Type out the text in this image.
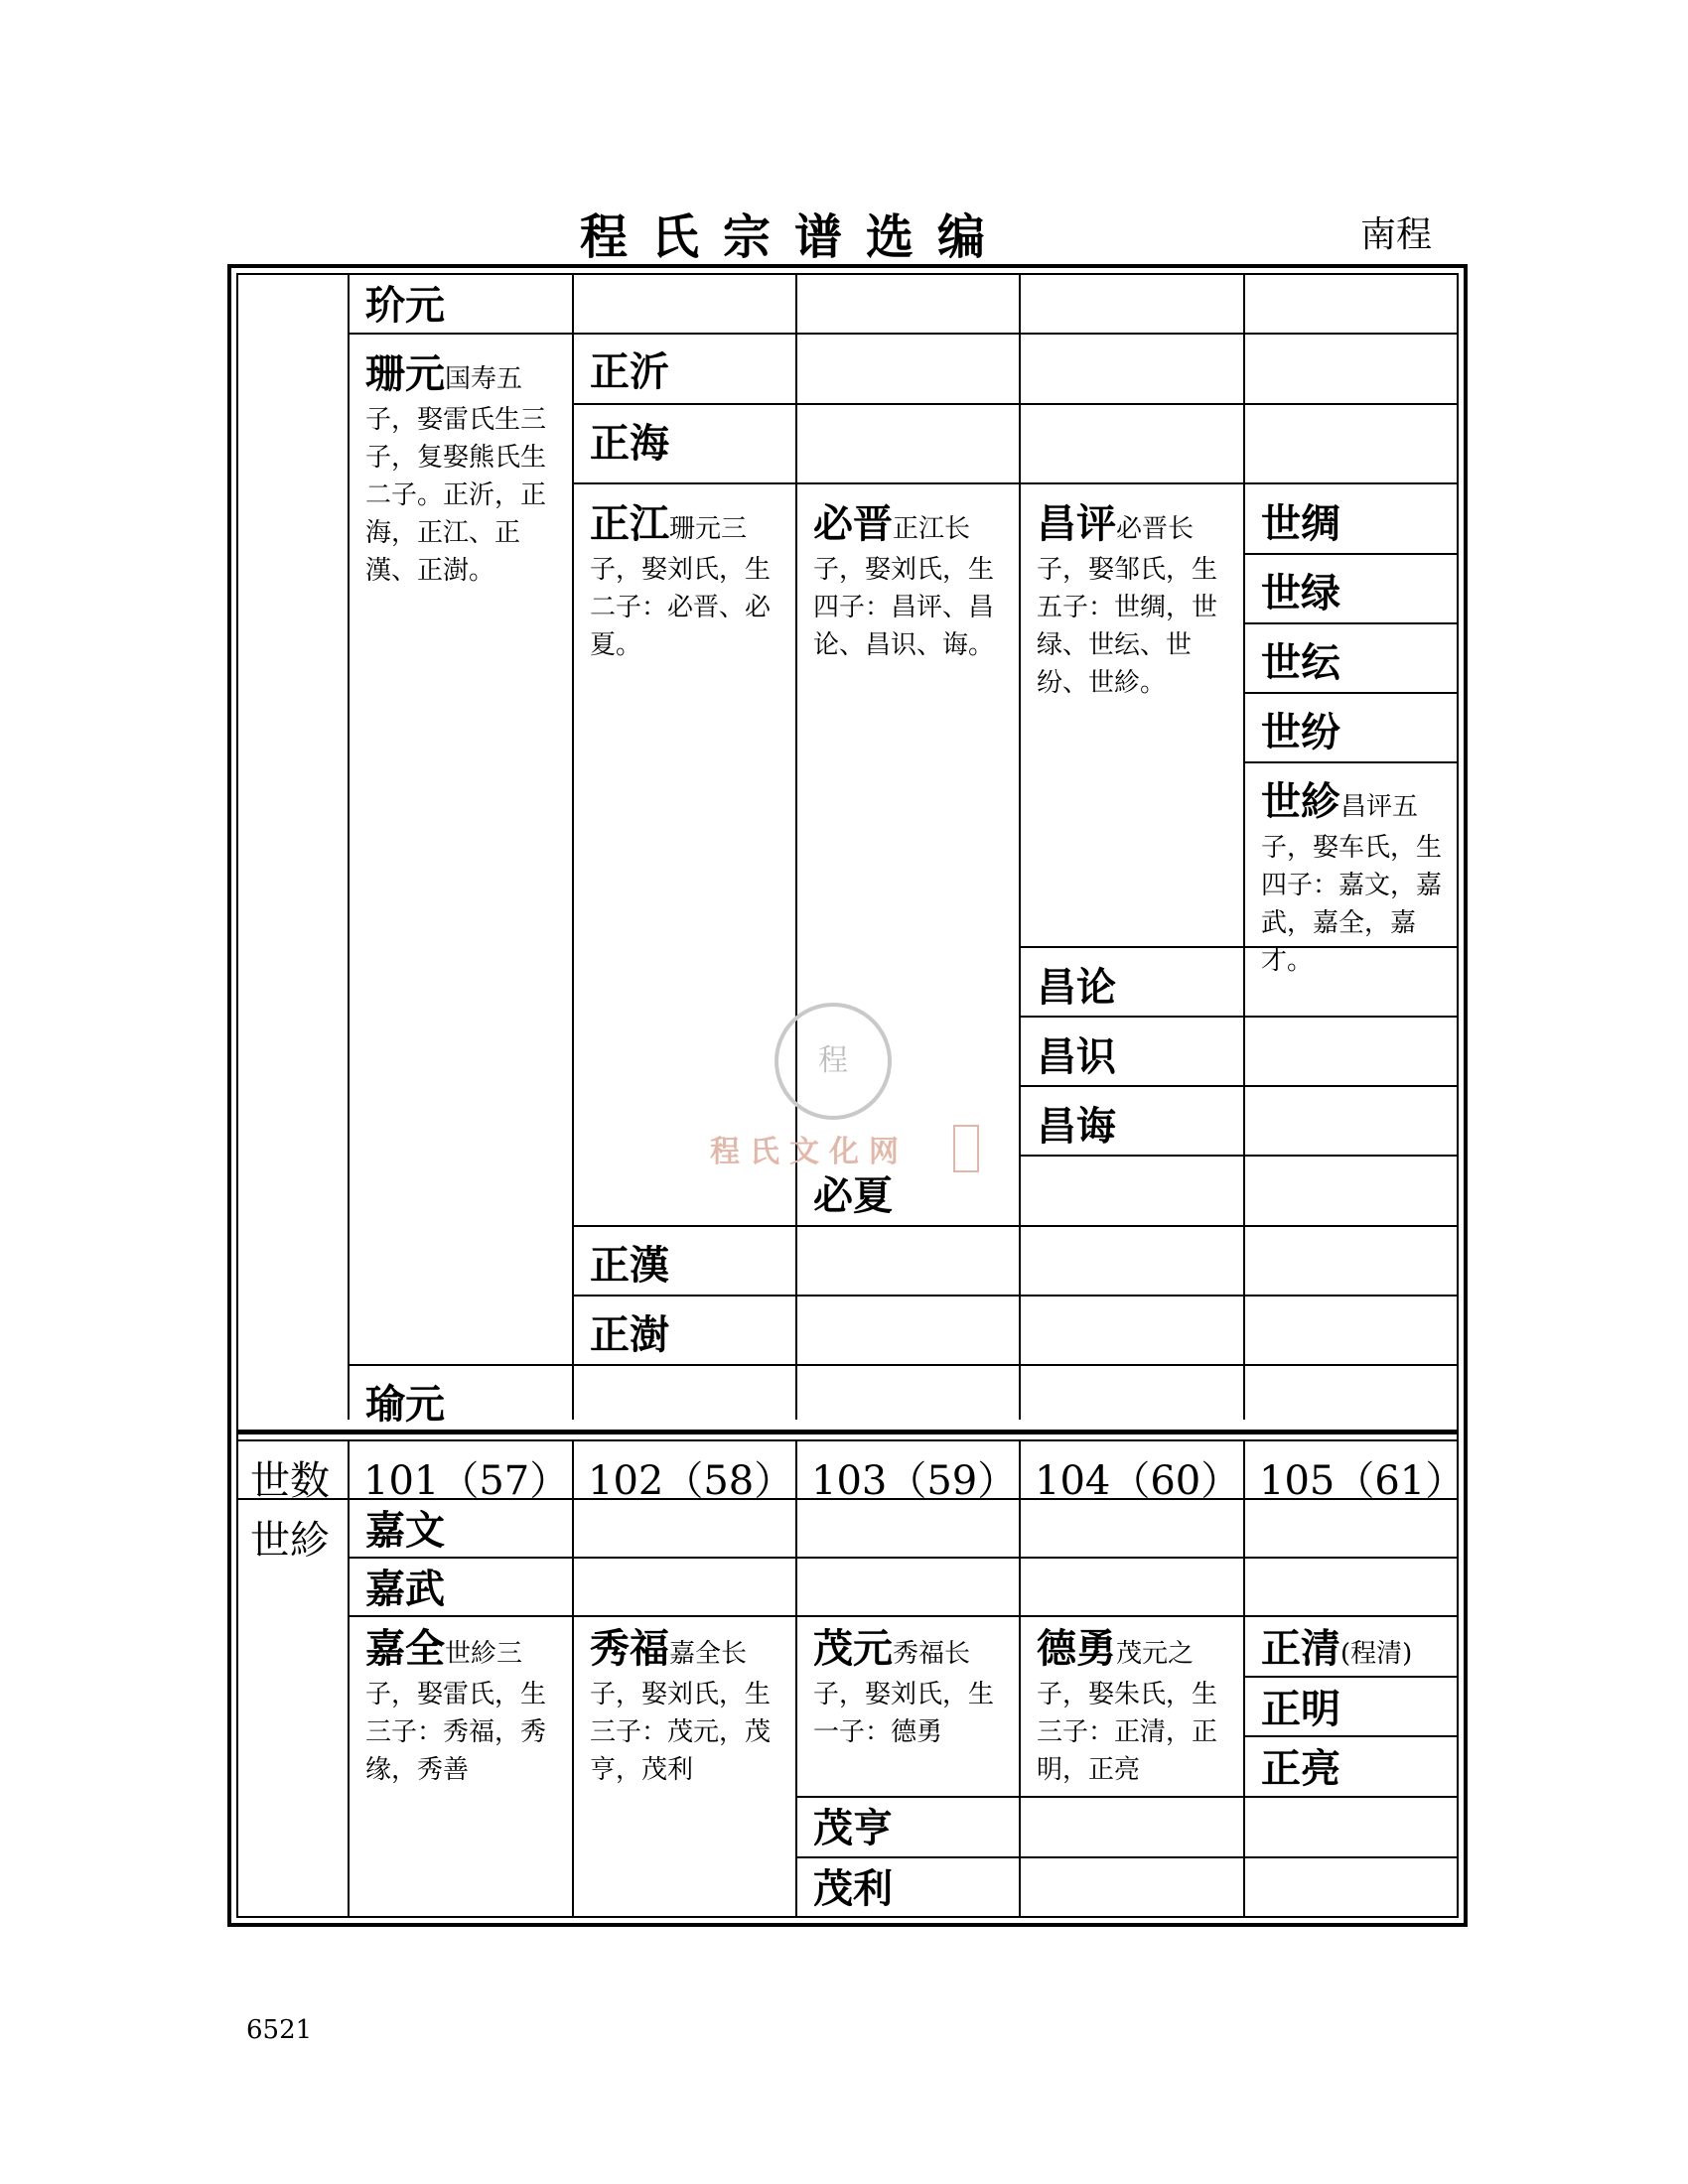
程氏宗谱选编	南程
玠元
珊元国寿五
子，娶雷氏生三子，复娶熊氏生二子。正沂，正海，正江、正漢、正澍。
正沂
正海
正江珊元三
子，娶刘氏，生二子：必晋、必夏。
必晋正江长
子，娶刘氏，生四子：昌评、昌论、昌识、诲。
昌评必晋长
子，娶邹氏，生五子：世绸，世绿、世纭、世纷、世紾。
世绸
世绿
世纭
世纷
世紾昌评五
子，娶车氏，生四子：嘉文，嘉武，嘉全，嘉才。
昌论
昌识
昌诲
必夏
正漢
正澍
瑜元
世数 101（57） 102（58） 103（59） 104（60） 105（61）
世紾 嘉文
嘉武
嘉全世紾三
子，娶雷氏，生三子：秀福，秀缘，秀善
秀福嘉全长
子，娶刘氏，生三子：茂元，茂亨，茂利
茂元秀福长
子，娶刘氏，生一子：德勇
德勇茂元之
子，娶朱氏，生三子：正清，正明，正亮
正清(程清)
正明
正亮
茂亨
茂利
程
程氏文化网
6521
